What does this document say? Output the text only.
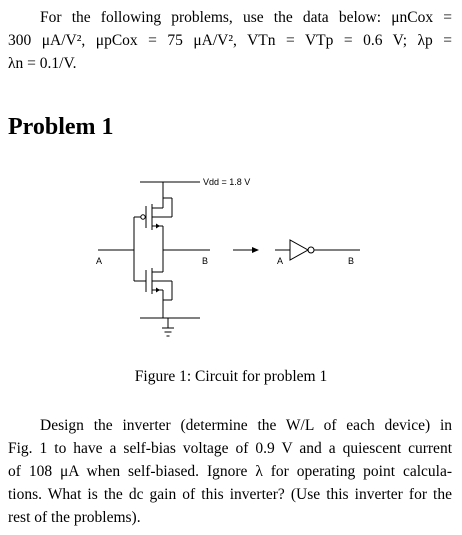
For the following problems, use the data below: μnCox =
300 μA/V², μpCox = 75 μA/V², VTn = VTp = 0.6 V; λp =
λn = 0.1/V.
Problem 1
Vdd = 1.8 V
A	B	A	B
Figure 1: Circuit for problem 1
Design the inverter (determine the W/L of each device) in
Fig. 1 to have a self-bias voltage of 0.9 V and a quiescent current
of 108 μA when self-biased. Ignore λ for operating point calcula-
tions. What is the dc gain of this inverter? (Use this inverter for the
rest of the problems).
